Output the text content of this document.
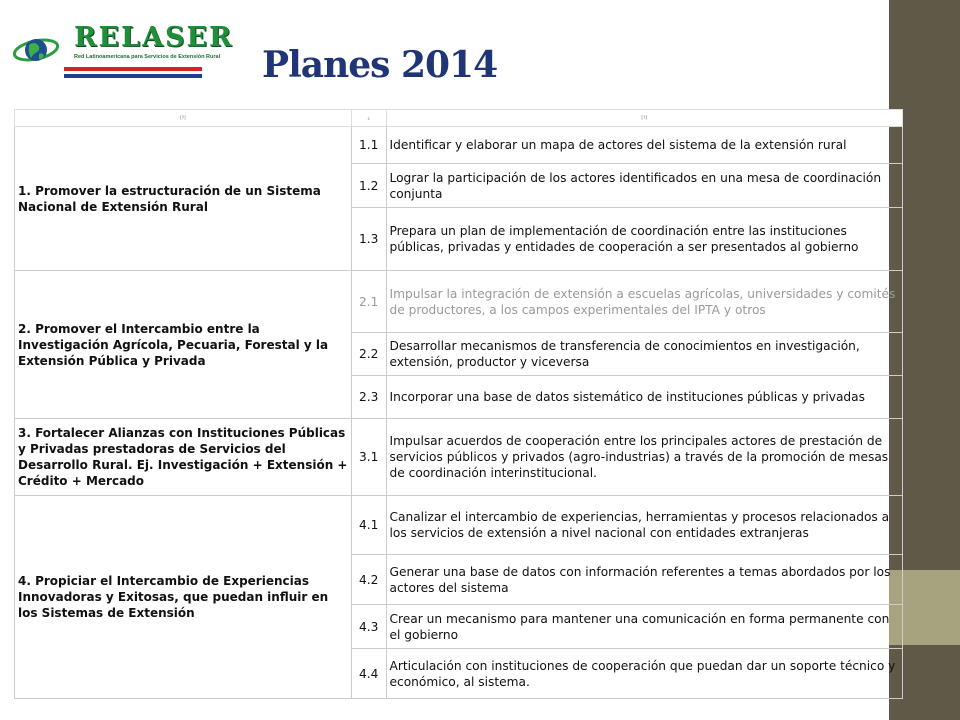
RELASER
Red Latinoamericana para Servicios de Extensión Rural Planes 2014
[?]	¿	[?]
1. Promover la estructuración de un Sistema Nacional de Extensión Rural	1.1	Identificar y elaborar un mapa de actores del sistema de la extensión rural
	1.2	Lograr la participación de los actores identificados en una mesa de coordinación conjunta
	1.3	Prepara un plan de implementación de coordinación entre las instituciones públicas, privadas y entidades de cooperación a ser presentados al gobierno
2. Promover el Intercambio entre la Investigación Agrícola, Pecuaria, Forestal y la Extensión Pública y Privada	2.1	Impulsar la integración de extensión a escuelas agrícolas, universidades y comités de productores, a los campos experimentales del IPTA y otros
	2.2	Desarrollar mecanismos de transferencia de conocimientos en investigación, extensión, productor y viceversa
	2.3	Incorporar una base de datos sistemático de instituciones públicas y privadas
3. Fortalecer Alianzas con Instituciones Públicas y Privadas prestadoras de Servicios del Desarrollo Rural. Ej. Investigación + Extensión + Crédito + Mercado	3.1	Impulsar acuerdos de cooperación entre los principales actores de prestación de servicios públicos y privados (agro-industrias) a través de la promoción de mesas de coordinación interinstitucional.
4. Propiciar el Intercambio de Experiencias Innovadoras y Exitosas, que puedan influir en los Sistemas de Extensión	4.1	Canalizar el intercambio de experiencias, herramientas y procesos relacionados a los servicios de extensión a nivel nacional con entidades extranjeras
	4.2	Generar una base de datos con información referentes a temas abordados por los actores del sistema
	4.3	Crear un mecanismo para mantener una comunicación en forma permanente con el gobierno
	4.4	Articulación con instituciones de cooperación que puedan dar un soporte técnico y económico, al sistema.
